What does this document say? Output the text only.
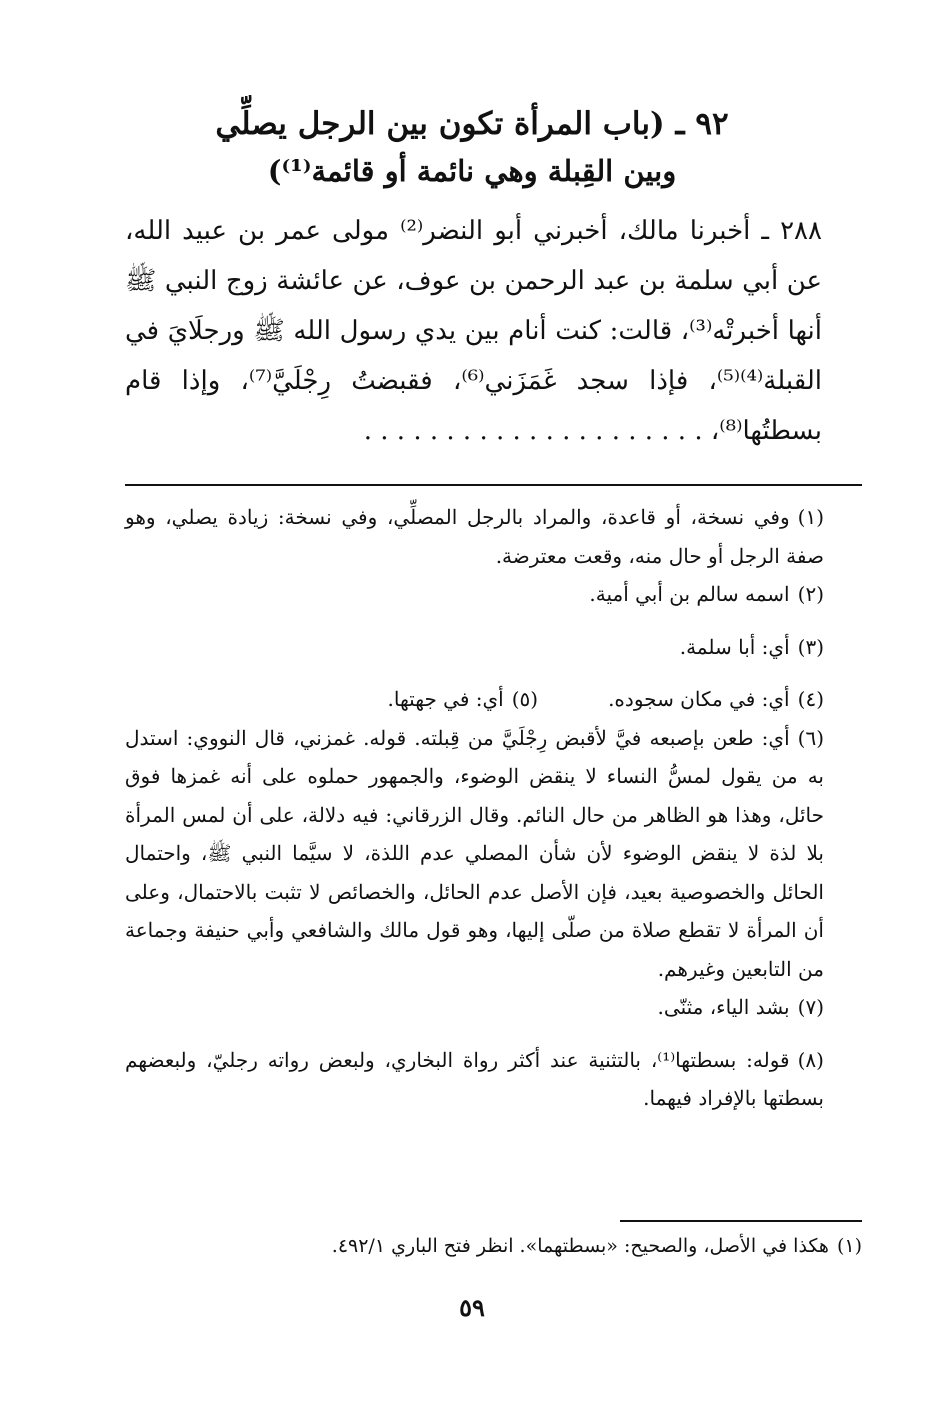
٩٢ ـ (باب المرأة تكون بين الرجل يصلِّي
وبين القِبلة وهي نائمة أو قائمة⁽¹⁾)

٢٨٨ ـ أخبرنا مالك، أخبرني أبو النضر⁽²⁾ مولى عمر بن عبيد الله، عن أبي سلمة بن عبد الرحمن بن عوف، عن عائشة زوج النبي ﷺ أنها أخبرتْه⁽³⁾، قالت: كنت أنام بين يدي رسول الله ﷺ ورجلَايَ في القبلة⁽⁴⁾⁽⁵⁾، فإذا سجد غَمَزَني⁽⁶⁾، فقبضتُ رِجْلَيَّ⁽⁷⁾، وإذا قام بسطتُها⁽⁸⁾، . . . . . . . . . . . . . . . . . . . . .

(١)وفي نسخة، أو قاعدة، والمراد بالرجل المصلِّي، وفي نسخة: زيادة يصلي، وهو صفة الرجل أو حال منه، وقعت معترضة.

(٢)اسمه سالم بن أبي أمية.

(٣)أي: أبا سلمة.

(٤)أي: في مكان سجوده.(٥)أي: في جهتها.

(٦)أي: طعن بإصبعه فيَّ لأقبض رِجْلَيَّ من قِبلته. قوله. غمزني، قال النووي: استدل به من يقول لمسُّ النساء لا ينقض الوضوء، والجمهور حملوه على أنه غمزها فوق حائل، وهذا هو الظاهر من حال النائم. وقال الزرقاني: فيه دلالة، على أن لمس المرأة بلا لذة لا ينقض الوضوء لأن شأن المصلي عدم اللذة، لا سيَّما النبي ﷺ، واحتمال الحائل والخصوصية بعيد، فإن الأصل عدم الحائل، والخصائص لا تثبت بالاحتمال، وعلى أن المرأة لا تقطع صلاة من صلّى إليها، وهو قول مالك والشافعي وأبي حنيفة وجماعة من التابعين وغيرهم.

(٧)بشد الياء، مثنّى.

(٨)قوله: بسطتها⁽¹⁾، بالتثنية عند أكثر رواة البخاري، ولبعض رواته رجليّ، ولبعضهم بسطتها بالإفراد فيهما.

(١)هكذا في الأصل، والصحيح: «بسطتهما». انظر فتح الباري ٤٩٢/١.
٥٩
